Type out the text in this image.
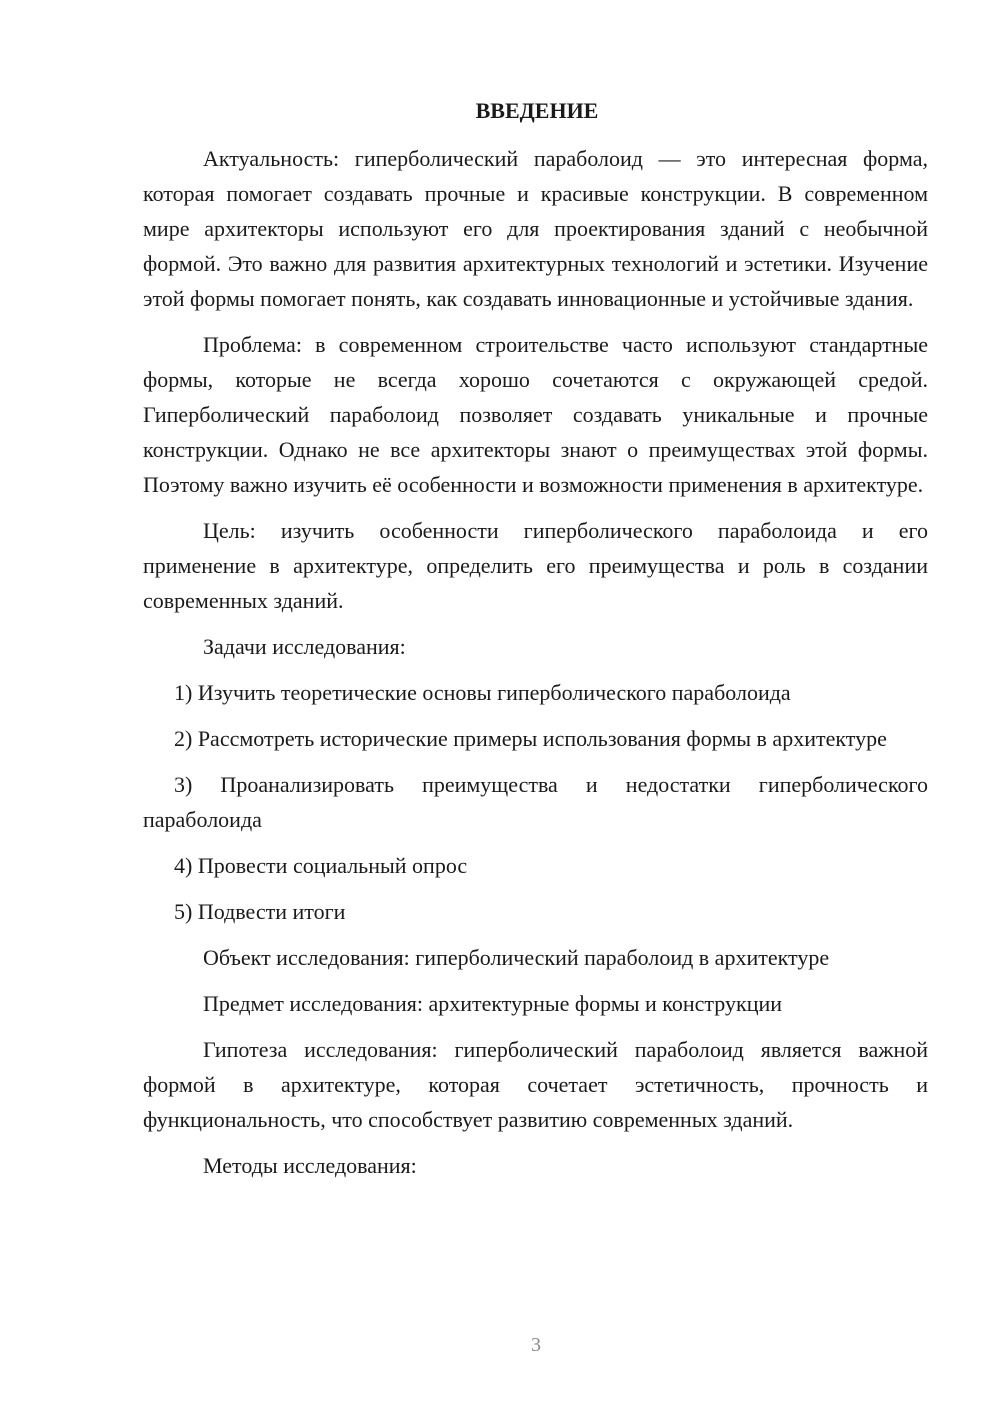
ВВЕДЕНИЕ

Актуальность: гиперболический параболоид — это интересная форма, которая помогает создавать прочные и красивые конструкции. В современном мире архитекторы используют его для проектирования зданий с необычной формой. Это важно для развития архитектурных технологий и эстетики. Изучение этой формы помогает понять, как создавать инновационные и устойчивые здания.

Проблема: в современном строительстве часто используют стандартные формы, которые не всегда хорошо сочетаются с окружающей средой. Гиперболический параболоид позволяет создавать уникальные и прочные конструкции. Однако не все архитекторы знают о преимуществах этой формы. Поэтому важно изучить её особенности и возможности применения в архитектуре.

Цель: изучить особенности гиперболического параболоида и его применение в архитектуре, определить его преимущества и роль в создании современных зданий.

Задачи исследования:

1) Изучить теоретические основы гиперболического параболоида

2) Рассмотреть исторические примеры использования формы в архитектуре

3) Проанализировать преимущества и недостатки гиперболического параболоида

4) Провести социальный опрос

5) Подвести итоги

Объект исследования: гиперболический параболоид в архитектуре

Предмет исследования: архитектурные формы и конструкции

Гипотеза исследования: гиперболический параболоид является важной формой в архитектуре, которая сочетает эстетичность, прочность и функциональность, что способствует развитию современных зданий.

Методы исследования:

3
